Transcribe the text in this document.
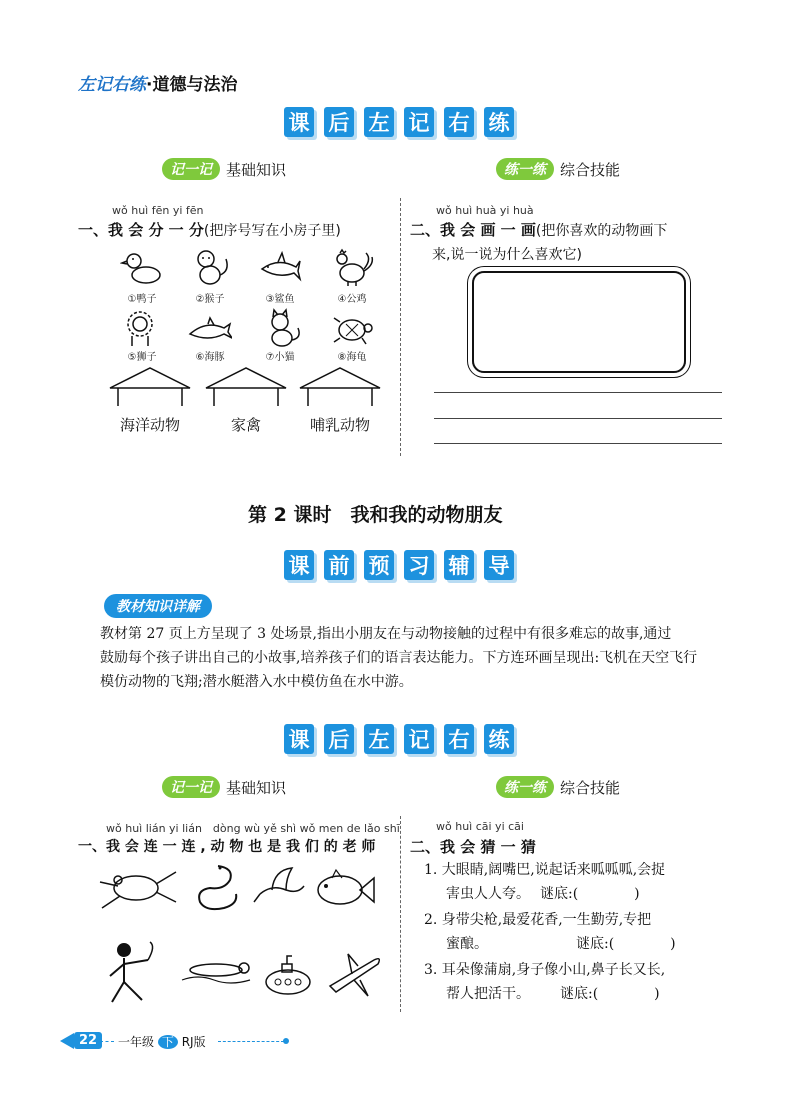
左记右练·道德与法治
课 后 左 记 右 练
记一记 基础知识	练一练 综合技能
wǒ huì fēn yi fēn
一、我 会 分 一 分(把序号写在小房子里)
①鸭子	②猴子	③鲨鱼	④公鸡
⑤狮子	⑥海豚	⑦小猫	⑧海龟
海洋动物	家禽	哺乳动物
wǒ huì huà yi huà
二、我 会 画 一 画(把你喜欢的动物画下
来,说一说为什么喜欢它)
第 2 课时　我和我的动物朋友
课 前 预 习 辅 导
教材知识详解
教材第 27 页上方呈现了 3 处场景,指出小朋友在与动物接触的过程中有很多难忘的故事,通过
鼓励每个孩子讲出自己的小故事,培养孩子们的语言表达能力。下方连环画呈现出:飞机在天空飞行
模仿动物的飞翔;潜水艇潜入水中模仿鱼在水中游。
课 后 左 记 右 练
记一记 基础知识	练一练 综合技能
wǒ huì lián yi lián　dòng wù yě shì wǒ men de lǎo shī
一、我 会 连 一 连 , 动 物 也 是 我 们 的 老 师
wǒ huì cāi yi cāi
二、我 会 猜 一 猜
1. 大眼睛,阔嘴巴,说起话来呱呱呱,会捉
害虫人人夸。 谜底:(　　　　)
2. 身带尖枪,最爱花香,一生勤劳,专把
蜜酿。	谜底:(　　　　)
3. 耳朵像蒲扇,身子像小山,鼻子长又长,
帮人把活干。 谜底:(　　　　)
22	一年级 下 RJ版
